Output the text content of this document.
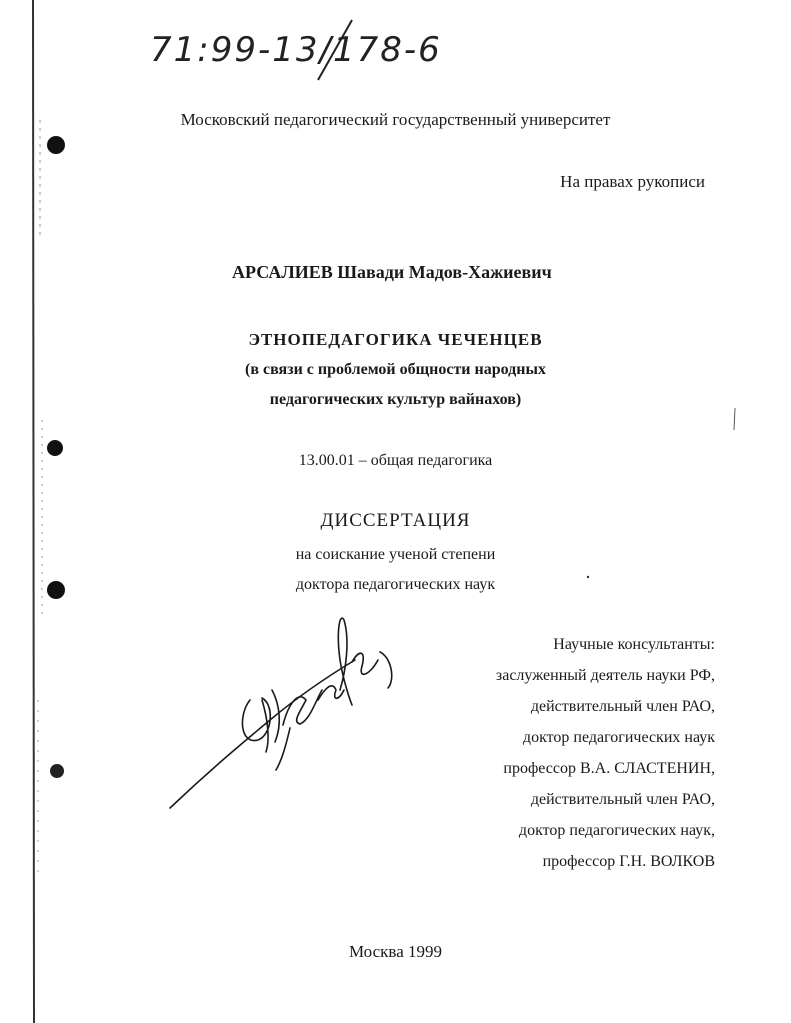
71:99-13/178-6
Московский педагогический государственный университет
На правах рукописи
АРСАЛИЕВ Шавади Мадов-Хажиевич
ЭТНОПЕДАГОГИКА ЧЕЧЕНЦЕВ
(в связи с проблемой общности народных
педагогических культур вайнахов)
13.00.01 – общая педагогика
ДИССЕРТАЦИЯ
на соискание ученой степени
доктора педагогических наук
Научные консультанты:
заслуженный деятель науки РФ,
действительный член РАО,
доктор педагогических наук
профессор В.А. СЛАСТЕНИН,
действительный член РАО,
доктор педагогических наук,
профессор Г.Н. ВОЛКОВ
Москва 1999
